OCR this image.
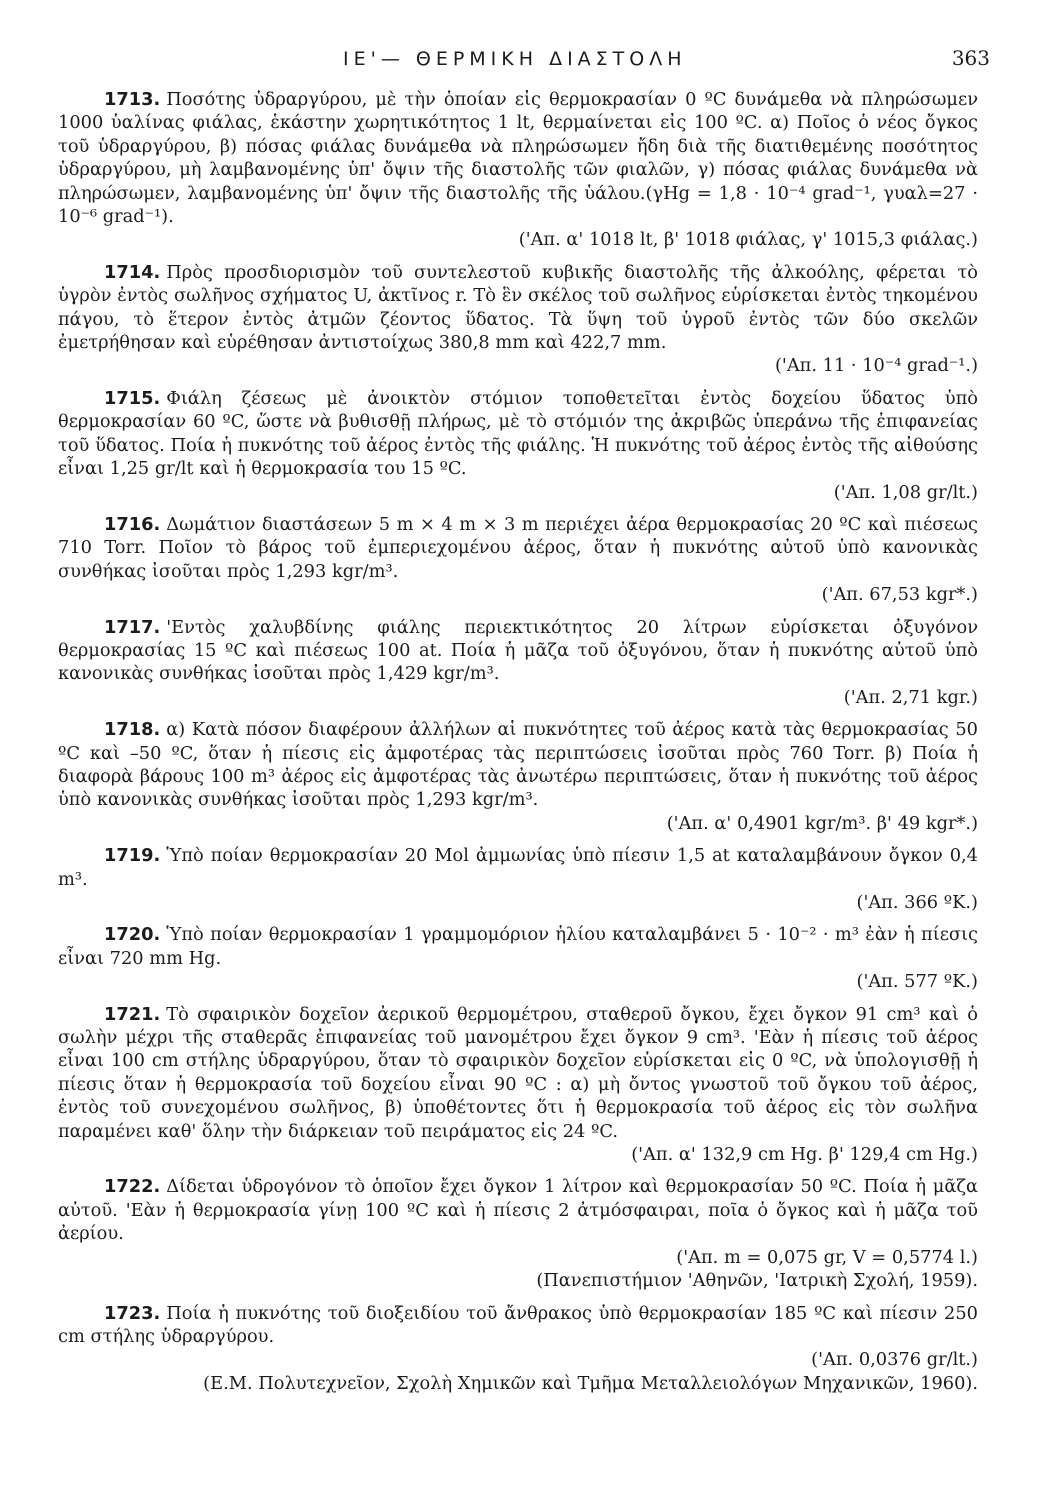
ΙΕ'— ΘΕΡΜΙΚΗ ΔΙΑΣΤΟΛΗ	363
1713. Ποσότης ὑδραργύρου, μὲ τὴν ὁποίαν εἰς θερμοκρασίαν 0 ºC δυνάμεθα νὰ πληρώσωμεν 1000 ὑαλίνας φιάλας, ἑκάστην χωρητικότητος 1 lt, θερμαίνεται εἰς 100 ºC. α) Ποῖος ὁ νέος ὄγκος τοῦ ὑδραργύρου, β) πόσας φιάλας δυνάμεθα νὰ πληρώσωμεν ἤδη διὰ τῆς διατιθεμένης ποσότητος ὑδραργύρου, μὴ λαμβανομένης ὑπ' ὄψιν τῆς διαστολῆς τῶν φιαλῶν, γ) πόσας φιάλας δυνάμεθα νὰ πληρώσωμεν, λαμβανομένης ὑπ' ὄψιν τῆς διαστολῆς τῆς ὑάλου.(γHg = 1,8 · 10⁻⁴ grad⁻¹, γυαλ=27 · 10⁻⁶ grad⁻¹).
('Απ. α' 1018 lt, β' 1018 φιάλας, γ' 1015,3 φιάλας.)
1714. Πρὸς προσδιορισμὸν τοῦ συντελεστοῦ κυβικῆς διαστολῆς τῆς ἀλκοόλης, φέρεται τὸ ὑγρὸν ἐντὸς σωλῆνος σχήματος U, ἀκτῖνος r. Τὸ ἓν σκέλος τοῦ σωλῆνος εὑρίσκεται ἐντὸς τηκομένου πάγου, τὸ ἕτερον ἐντὸς ἀτμῶν ζέοντος ὕδατος. Τὰ ὕψη τοῦ ὑγροῦ ἐντὸς τῶν δύο σκελῶν ἐμετρήθησαν καὶ εὑρέθησαν ἀντιστοίχως 380,8 mm καὶ 422,7 mm.
('Απ. 11 · 10⁻⁴ grad⁻¹.)
1715. Φιάλη ζέσεως μὲ ἀνοικτὸν στόμιον τοποθετεῖται ἐντὸς δοχείου ὕδατος ὑπὸ θερμοκρασίαν 60 ºC, ὥστε νὰ βυθισθῇ πλήρως, μὲ τὸ στόμιόν της ἀκριβῶς ὑπεράνω τῆς ἐπιφανείας τοῦ ὕδατος. Ποία ἡ πυκνότης τοῦ ἀέρος ἐντὸς τῆς φιάλης. Ἡ πυκνότης τοῦ ἀέρος ἐντὸς τῆς αἰθούσης εἶναι 1,25 gr/lt καὶ ἡ θερμοκρασία του 15 ºC.
('Απ. 1,08 gr/lt.)
1716. Δωμάτιον διαστάσεων 5 m × 4 m × 3 m περιέχει ἀέρα θερμοκρασίας 20 ºC καὶ πιέσεως 710 Torr. Ποῖον τὸ βάρος τοῦ ἐμπεριεχομένου ἀέρος, ὅταν ἡ πυκνότης αὐτοῦ ὑπὸ κανονικὰς συνθήκας ἰσοῦται πρὸς 1,293 kgr/m³.
('Απ. 67,53 kgr*.)
1717. 'Εντὸς χαλυβδίνης φιάλης περιεκτικότητος 20 λίτρων εὑρίσκεται ὀξυγόνον θερμοκρασίας 15 ºC καὶ πιέσεως 100 at. Ποία ἡ μᾶζα τοῦ ὀξυγόνου, ὅταν ἡ πυκνότης αὐτοῦ ὑπὸ κανονικὰς συνθήκας ἰσοῦται πρὸς 1,429 kgr/m³.
('Απ. 2,71 kgr.)
1718. α) Κατὰ πόσον διαφέρουν ἀλλήλων αἱ πυκνότητες τοῦ ἀέρος κατὰ τὰς θερμοκρασίας 50 ºC καὶ –50 ºC, ὅταν ἡ πίεσις εἰς ἀμφοτέρας τὰς περιπτώσεις ἰσοῦται πρὸς 760 Torr. β) Ποία ἡ διαφορὰ βάρους 100 m³ ἀέρος εἰς ἀμφοτέρας τὰς ἀνωτέρω περιπτώσεις, ὅταν ἡ πυκνότης τοῦ ἀέρος ὑπὸ κανονικὰς συνθήκας ἰσοῦται πρὸς 1,293 kgr/m³.
('Απ. α' 0,4901 kgr/m³. β' 49 kgr*.)
1719. Ὑπὸ ποίαν θερμοκρασίαν 20 Mol ἀμμωνίας ὑπὸ πίεσιν 1,5 at καταλαμβάνουν ὄγκον 0,4 m³.
('Απ. 366 ºK.)
1720. Ὑπὸ ποίαν θερμοκρασίαν 1 γραμμομόριον ἡλίου καταλαμβάνει 5 · 10⁻² · m³ ἐὰν ἡ πίεσις εἶναι 720 mm Hg.
('Απ. 577 ºK.)
1721. Τὸ σφαιρικὸν δοχεῖον ἀερικοῦ θερμομέτρου, σταθεροῦ ὄγκου, ἔχει ὄγκον 91 cm³ καὶ ὁ σωλὴν μέχρι τῆς σταθερᾶς ἐπιφανείας τοῦ μανομέτρου ἔχει ὄγκον 9 cm³. 'Εὰν ἡ πίεσις τοῦ ἀέρος εἶναι 100 cm στήλης ὑδραργύρου, ὅταν τὸ σφαιρικὸν δοχεῖον εὑρίσκεται εἰς 0 ºC, νὰ ὑπολογισθῇ ἡ πίεσις ὅταν ἡ θερμοκρασία τοῦ δοχείου εἶναι 90 ºC : α) μὴ ὄντος γνωστοῦ τοῦ ὄγκου τοῦ ἀέρος, ἐντὸς τοῦ συνεχομένου σωλῆνος, β) ὑποθέτοντες ὅτι ἡ θερμοκρασία τοῦ ἀέρος εἰς τὸν σωλῆνα παραμένει καθ' ὅλην τὴν διάρκειαν τοῦ πειράματος εἰς 24 ºC.
('Απ. α' 132,9 cm Hg. β' 129,4 cm Hg.)
1722. Δίδεται ὑδρογόνον τὸ ὁποῖον ἔχει ὄγκον 1 λίτρον καὶ θερμοκρασίαν 50 ºC. Ποία ἡ μᾶζα αὐτοῦ. 'Εὰν ἡ θερμοκρασία γίνῃ 100 ºC καὶ ἡ πίεσις 2 ἀτμόσφαιραι, ποῖα ὁ ὄγκος καὶ ἡ μᾶζα τοῦ ἀερίου.
('Απ. m = 0,075 gr, V = 0,5774 l.)
(Πανεπιστήμιον 'Αθηνῶν, 'Ιατρικὴ Σχολή, 1959).
1723. Ποία ἡ πυκνότης τοῦ διοξειδίου τοῦ ἄνθρακος ὑπὸ θερμοκρασίαν 185 ºC καὶ πίεσιν 250 cm στήλης ὑδραργύρου.
('Απ. 0,0376 gr/lt.)
(Ε.Μ. Πολυτεχνεῖον, Σχολὴ Χημικῶν καὶ Τμῆμα Μεταλλειολόγων Μηχανικῶν, 1960).
